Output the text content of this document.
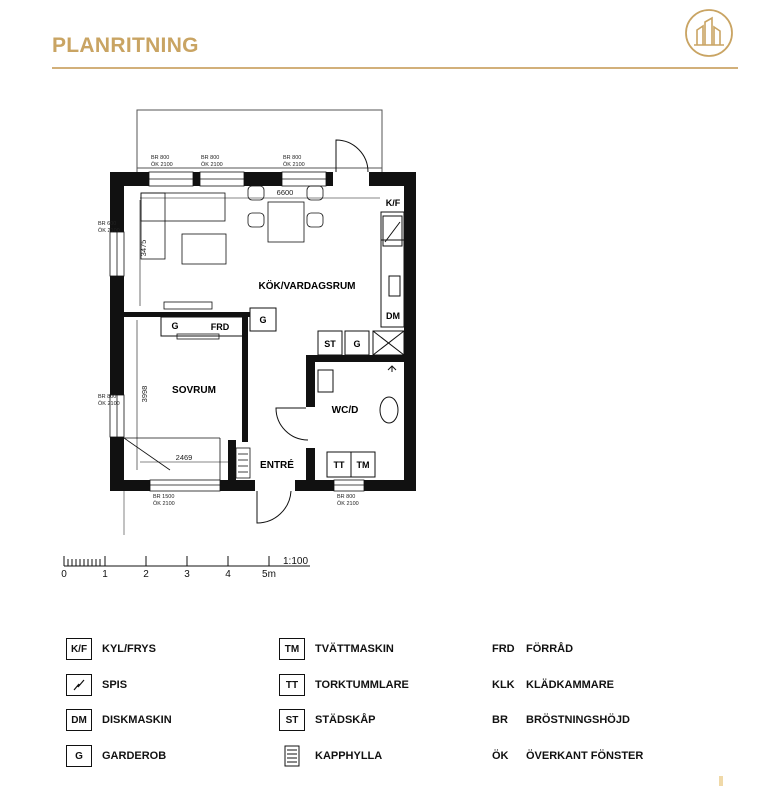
PLANRITNING
KÖK/VARDAGSRUM
SOVRUM
WC/D
ENTRÉ
K/F
DM
FRD
G
G
ST G
TT TM
6600
3475
3998
2469
BR 800
ÖK 2100
BR 800
ÖK 2100
BR 800
ÖK 2100
BR 600
ÖK 2100
BR 800
ÖK 2100
BR 1500
ÖK 2100
BR 800
ÖK 2100
1:100
0	1	2	3	4	5m
K/F	KYL/FRYS
SPIS
DM	DISKMASKIN
G	GARDEROB
TM	TVÄTTMASKIN
TT	TORKTUMMLARE
ST	STÄDSKÅP
KAPPHYLLA
FRD	FÖRRÅD
KLK	KLÄDKAMMARE
BR	BRÖSTNINGSHÖJD
ÖK	ÖVERKANT FÖNSTER
